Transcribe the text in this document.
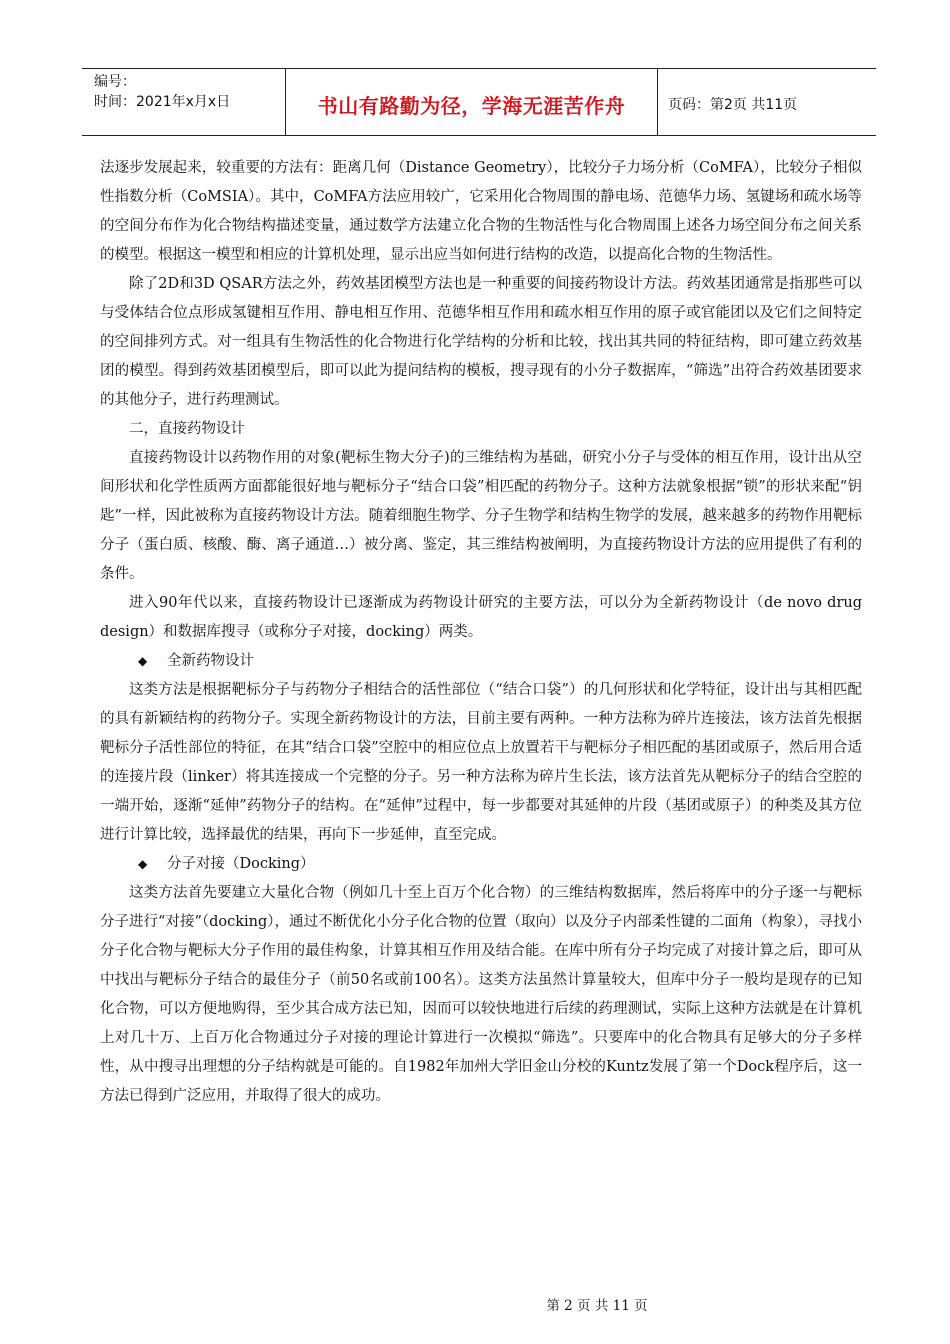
编号：
时间：2021年x月x日	书山有路勤为径，学海无涯苦作舟	页码：第2页 共11页

法逐步发展起来，较重要的方法有：距离几何（Distance Geometry），比较分子力场分析（CoMFA），比较分子相似性指数分析（CoMSIA）。其中，CoMFA方法应用较广，它采用化合物周围的静电场、范德华力场、氢键场和疏水场等的空间分布作为化合物结构描述变量，通过数学方法建立化合物的生物活性与化合物周围上述各力场空间分布之间关系的模型。根据这一模型和相应的计算机处理，显示出应当如何进行结构的改造，以提高化合物的生物活性。

除了2D和3D QSAR方法之外，药效基团模型方法也是一种重要的间接药物设计方法。药效基团通常是指那些可以与受体结合位点形成氢键相互作用、静电相互作用、范德华相互作用和疏水相互作用的原子或官能团以及它们之间特定的空间排列方式。对一组具有生物活性的化合物进行化学结构的分析和比较，找出其共同的特征结构，即可建立药效基团的模型。得到药效基团模型后，即可以此为提问结构的模板，搜寻现有的小分子数据库，“筛选”出符合药效基团要求的其他分子，进行药理测试。

二，直接药物设计

直接药物设计以药物作用的对象(靶标生物大分子)的三维结构为基础，研究小分子与受体的相互作用，设计出从空间形状和化学性质两方面都能很好地与靶标分子“结合口袋”相匹配的药物分子。这种方法就象根据“锁”的形状来配“钥匙”一样，因此被称为直接药物设计方法。随着细胞生物学、分子生物学和结构生物学的发展，越来越多的药物作用靶标分子（蛋白质、核酸、酶、离子通道…）被分离、鉴定，其三维结构被阐明，为直接药物设计方法的应用提供了有利的条件。

进入90年代以来，直接药物设计已逐渐成为药物设计研究的主要方法，可以分为全新药物设计（de novo drug design）和数据库搜寻（或称分子对接，docking）两类。

◆ 全新药物设计

这类方法是根据靶标分子与药物分子相结合的活性部位（“结合口袋”）的几何形状和化学特征，设计出与其相匹配的具有新颖结构的药物分子。实现全新药物设计的方法，目前主要有两种。一种方法称为碎片连接法，该方法首先根据靶标分子活性部位的特征，在其“结合口袋”空腔中的相应位点上放置若干与靶标分子相匹配的基团或原子，然后用合适的连接片段（linker）将其连接成一个完整的分子。另一种方法称为碎片生长法，该方法首先从靶标分子的结合空腔的一端开始，逐渐“延伸”药物分子的结构。在“延伸”过程中，每一步都要对其延伸的片段（基团或原子）的种类及其方位进行计算比较，选择最优的结果，再向下一步延伸，直至完成。

◆ 分子对接（Docking）

这类方法首先要建立大量化合物（例如几十至上百万个化合物）的三维结构数据库，然后将库中的分子逐一与靶标分子进行“对接”（docking），通过不断优化小分子化合物的位置（取向）以及分子内部柔性键的二面角（构象），寻找小分子化合物与靶标大分子作用的最佳构象，计算其相互作用及结合能。在库中所有分子均完成了对接计算之后，即可从中找出与靶标分子结合的最佳分子（前50名或前100名）。这类方法虽然计算量较大，但库中分子一般均是现存的已知化合物，可以方便地购得，至少其合成方法已知，因而可以较快地进行后续的药理测试，实际上这种方法就是在计算机上对几十万、上百万化合物通过分子对接的理论计算进行一次模拟“筛选”。只要库中的化合物具有足够大的分子多样性，从中搜寻出理想的分子结构就是可能的。自1982年加州大学旧金山分校的Kuntz发展了第一个Dock程序后，这一方法已得到广泛应用，并取得了很大的成功。

第 2 页 共 11 页
